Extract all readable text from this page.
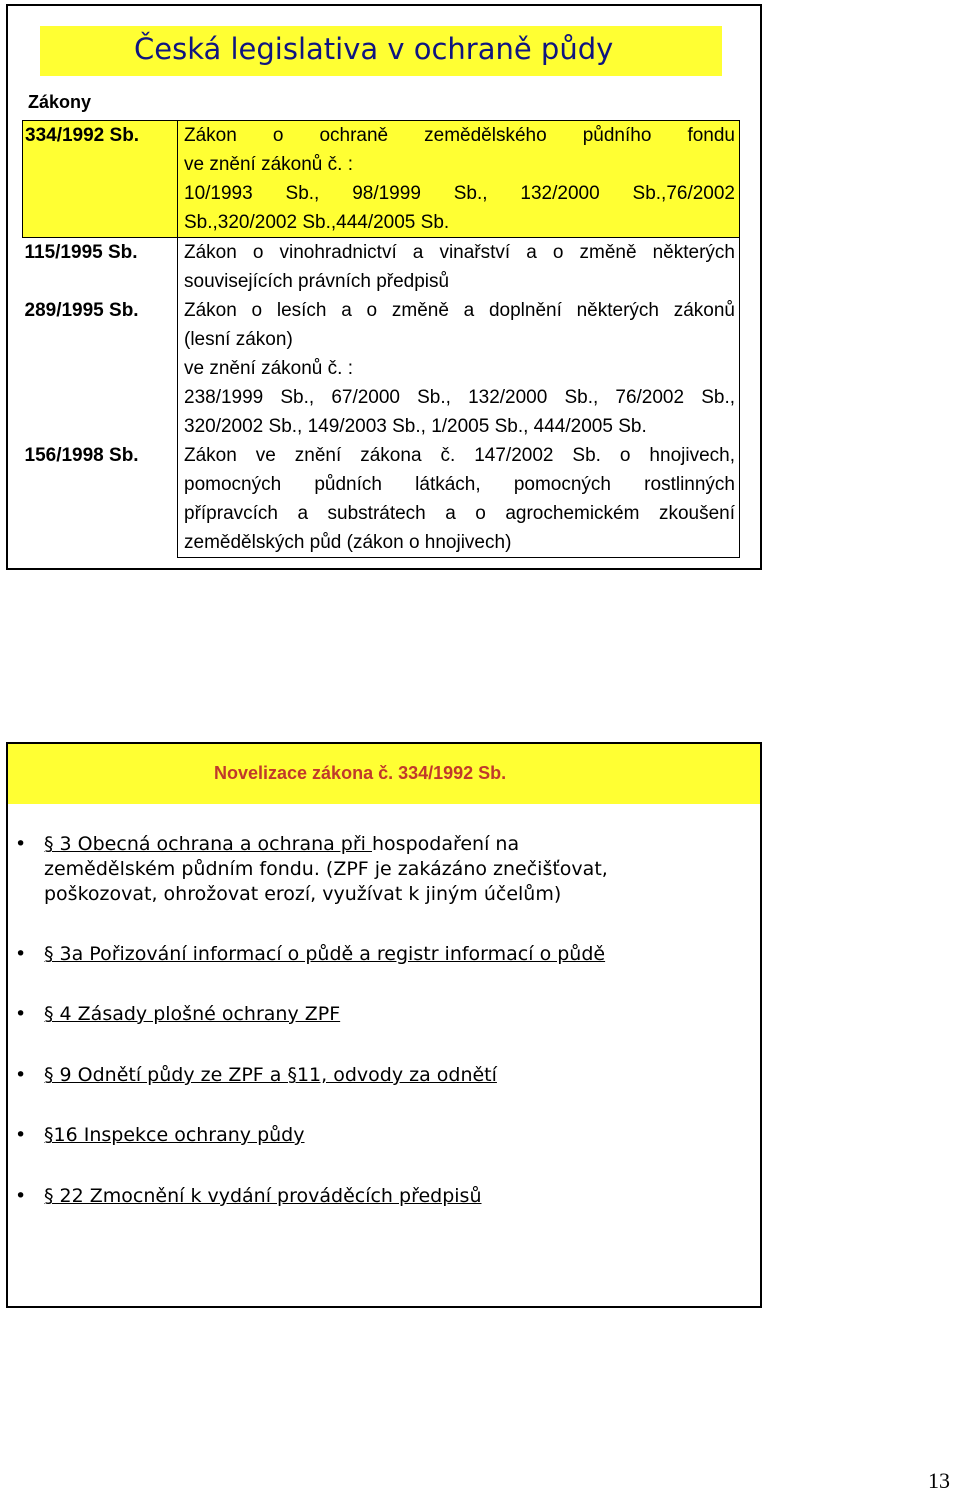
Česká legislativa v ochraně půdy
Zákony
334/1992 Sb.	Zákon o ochraně zemědělského půdního fondu
ve znění zákonů č. :
10/1993 Sb., 98/1999 Sb., 132/2000 Sb.,76/2002
Sb.,320/2002 Sb.,444/2005 Sb.

115/1995 Sb.	Zákon o vinohradnictví a vinařství a o změně některých
souvisejících právních předpisů

289/1995 Sb.	Zákon o lesích a o změně a doplnění některých zákonů
(lesní zákon)
ve znění zákonů č. :
238/1999 Sb., 67/2000 Sb., 132/2000 Sb., 76/2002 Sb.,
320/2002 Sb., 149/2003 Sb., 1/2005 Sb., 444/2005 Sb.

156/1998 Sb.	Zákon ve znění zákona č. 147/2002 Sb. o hnojivech,
pomocných půdních látkách, pomocných rostlinných
přípravcích a substrátech a o agrochemickém zkoušení
zemědělských půd (zákon o hnojivech)
Novelizace zákona č. 334/1992 Sb.
• § 3 Obecná ochrana a ochrana při hospodaření na zemědělském půdním fondu. (ZPF je zakázáno znečišťovat, poškozovat, ohrožovat erozí, využívat k jiným účelům)
• § 3a Pořizování informací o půdě a registr informací o půdě
• § 4 Zásady plošné ochrany ZPF
• § 9 Odnětí půdy ze ZPF a §11, odvody za odnětí
• §16 Inspekce ochrany půdy
• § 22 Zmocnění k vydání prováděcích předpisů
13
